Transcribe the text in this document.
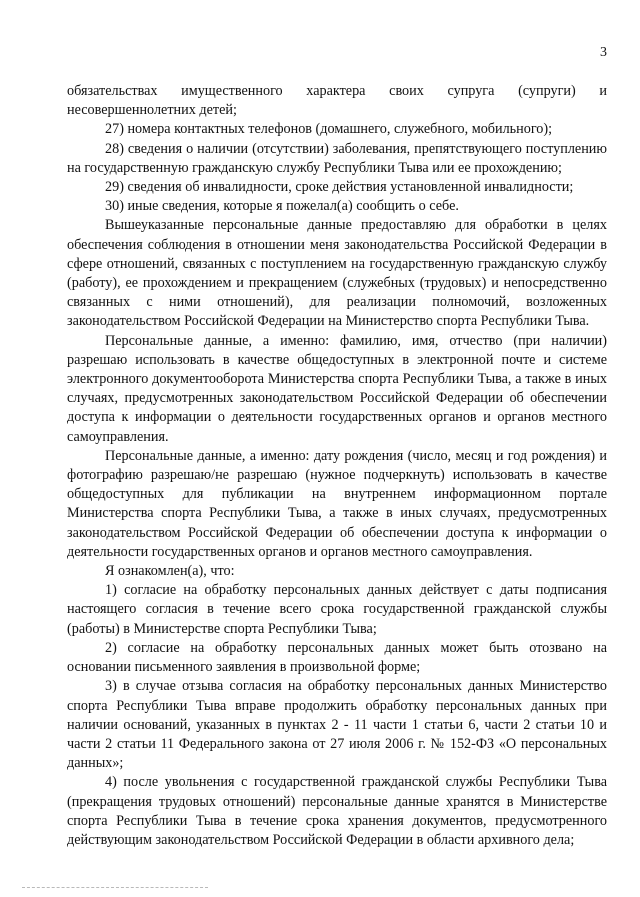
3

обязательствах имущественного характера своих супруга (супруги) и несовершеннолетних детей;

27) номера контактных телефонов (домашнего, служебного, мобильного);

28) сведения о наличии (отсутствии) заболевания, препятствующего поступлению на государственную гражданскую службу Республики Тыва или ее прохождению;

29) сведения об инвалидности, сроке действия установленной инвалидности;

30) иные сведения, которые я пожелал(а) сообщить о себе.

Вышеуказанные персональные данные предоставляю для обработки в целях обеспечения соблюдения в отношении меня законодательства Российской Федерации в сфере отношений, связанных с поступлением на государственную гражданскую службу (работу), ее прохождением и прекращением (служебных (трудовых) и непосредственно связанных с ними отношений), для реализации полномочий, возложенных законодательством Российской Федерации на Министерство спорта Республики Тыва.

Персональные данные, а именно: фамилию, имя, отчество (при наличии) разрешаю использовать в качестве общедоступных в электронной почте и системе электронного документооборота Министерства спорта Республики Тыва, а также в иных случаях, предусмотренных законодательством Российской Федерации об обеспечении доступа к информации о деятельности государственных органов и органов местного самоуправления.

Персональные данные, а именно: дату рождения (число, месяц и год рождения) и фотографию разрешаю/не разрешаю (нужное подчеркнуть) использовать в качестве общедоступных для публикации на внутреннем информационном портале Министерства спорта Республики Тыва, а также в иных случаях, предусмотренных законодательством Российской Федерации об обеспечении доступа к информации о деятельности государственных органов и органов местного самоуправления.

Я ознакомлен(а), что:

1) согласие на обработку персональных данных действует с даты подписания настоящего согласия в течение всего срока государственной гражданской службы (работы) в Министерстве спорта Республики Тыва;

2) согласие на обработку персональных данных может быть отозвано на основании письменного заявления в произвольной форме;

3) в случае отзыва согласия на обработку персональных данных Министерство спорта Республики Тыва вправе продолжить обработку персональных данных при наличии оснований, указанных в пунктах 2 - 11 части 1 статьи 6, части 2 статьи 10 и части 2 статьи 11 Федерального закона от 27 июля 2006 г. № 152-ФЗ «О персональных данных»;

4) после увольнения с государственной гражданской службы Республики Тыва (прекращения трудовых отношений) персональные данные хранятся в Министерстве спорта Республики Тыва в течение срока хранения документов, предусмотренного действующим законодательством Российской Федерации в области архивного дела;
